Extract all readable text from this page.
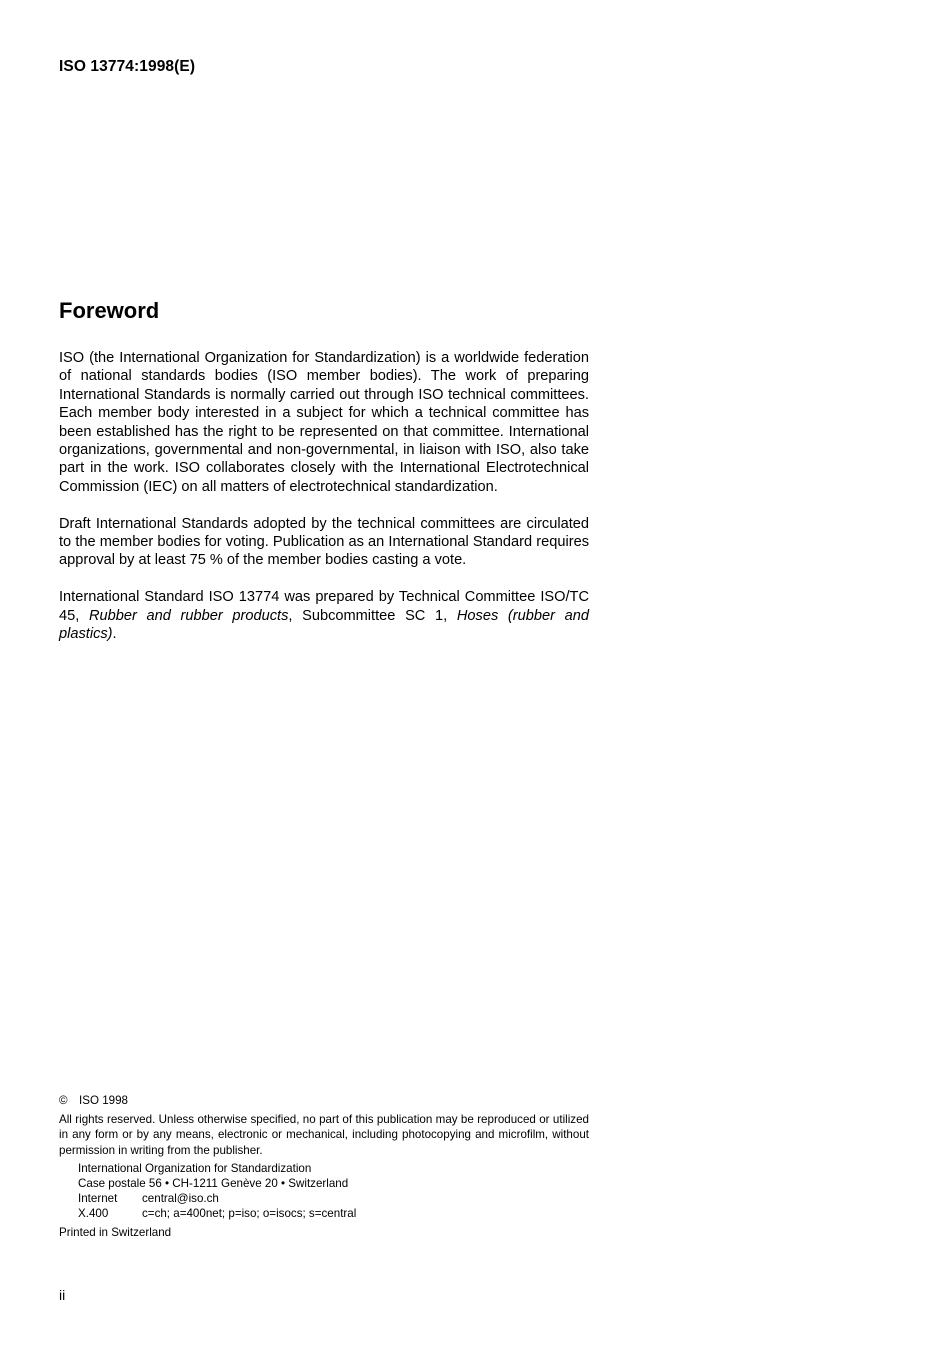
ISO 13774:1998(E)
Foreword

ISO (the International Organization for Standardization) is a worldwide federation of national standards bodies (ISO member bodies). The work of preparing International Standards is normally carried out through ISO technical committees. Each member body interested in a subject for which a technical committee has been established has the right to be represented on that committee. International organizations, governmental and non-governmental, in liaison with ISO, also take part in the work. ISO collaborates closely with the International Electrotechnical Commission (IEC) on all matters of electrotechnical standardization.

Draft International Standards adopted by the technical committees are circulated to the member bodies for voting. Publication as an International Standard requires approval by at least 75 % of the member bodies casting a vote.

International Standard ISO 13774 was prepared by Technical Committee ISO/TC 45, Rubber and rubber products, Subcommittee SC 1, Hoses (rubber and plastics).

© ISO 1998
All rights reserved. Unless otherwise specified, no part of this publication may be reproduced or utilized in any form or by any means, electronic or mechanical, including photocopying and microfilm, without permission in writing from the publisher.
International Organization for Standardization
Case postale 56 • CH-1211 Genève 20 • Switzerland
Internet	central@iso.ch
X.400	c=ch; a=400net; p=iso; o=isocs; s=central
Printed in Switzerland
ii
